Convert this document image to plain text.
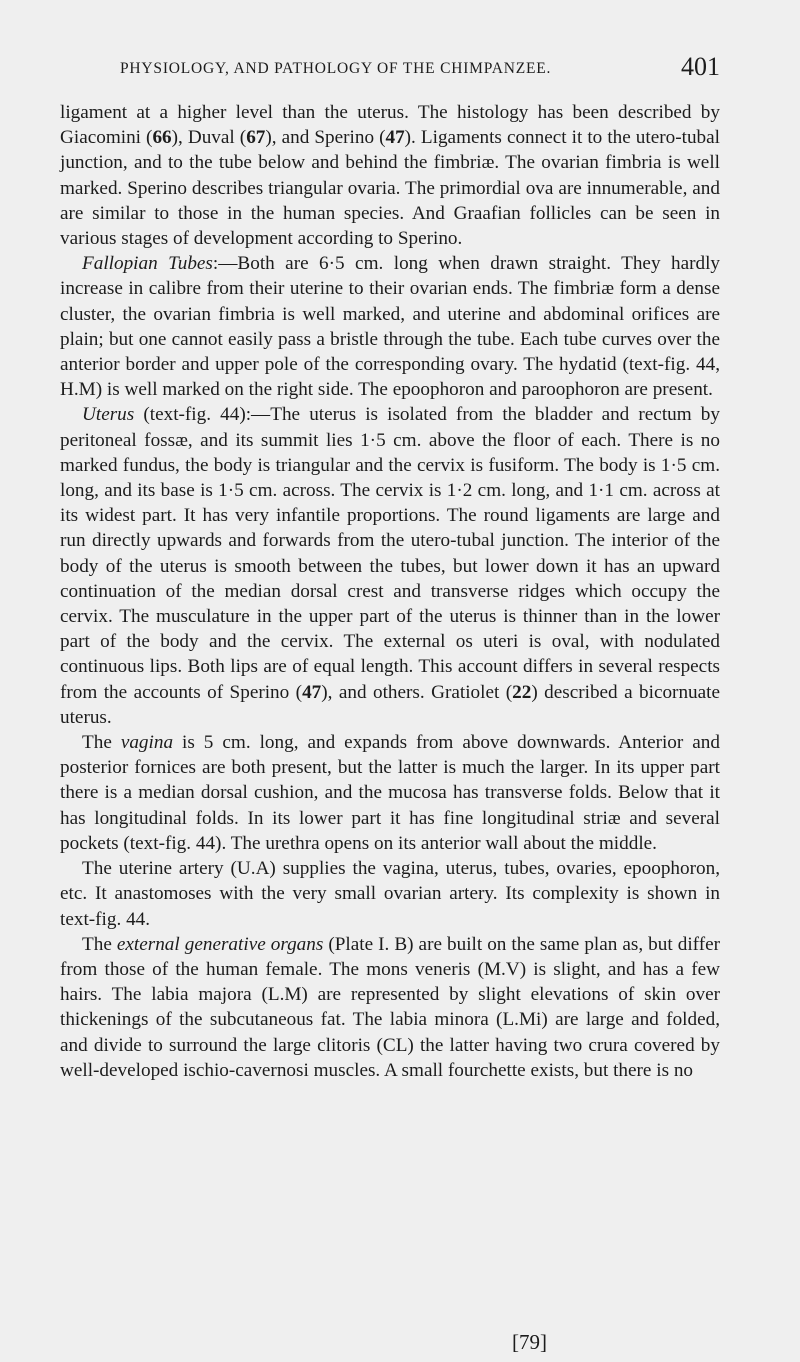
PHYSIOLOGY, AND PATHOLOGY OF THE CHIMPANZEE.	401

ligament at a higher level than the uterus. The histology has been described by Giacomini (66), Duval (67), and Sperino (47). Ligaments connect it to the utero-tubal junction, and to the tube below and behind the fimbriæ. The ovarian fimbria is well marked. Sperino describes triangular ovaria. The primordial ova are innumerable, and are similar to those in the human species. And Graafian follicles can be seen in various stages of development according to Sperino.

Fallopian Tubes:—Both are 6·5 cm. long when drawn straight. They hardly increase in calibre from their uterine to their ovarian ends. The fimbriæ form a dense cluster, the ovarian fimbria is well marked, and uterine and abdominal orifices are plain; but one cannot easily pass a bristle through the tube. Each tube curves over the anterior border and upper pole of the corresponding ovary. The hydatid (text-fig. 44, H.M) is well marked on the right side. The epoophoron and paroophoron are present.

Uterus (text-fig. 44):—The uterus is isolated from the bladder and rectum by peritoneal fossæ, and its summit lies 1·5 cm. above the floor of each. There is no marked fundus, the body is triangular and the cervix is fusiform. The body is 1·5 cm. long, and its base is 1·5 cm. across. The cervix is 1·2 cm. long, and 1·1 cm. across at its widest part. It has very infantile proportions. The round ligaments are large and run directly upwards and forwards from the utero-tubal junction. The interior of the body of the uterus is smooth between the tubes, but lower down it has an upward continuation of the median dorsal crest and transverse ridges which occupy the cervix. The musculature in the upper part of the uterus is thinner than in the lower part of the body and the cervix. The external os uteri is oval, with nodulated continuous lips. Both lips are of equal length. This account differs in several respects from the accounts of Sperino (47), and others. Gratiolet (22) described a bicornuate uterus.

The vagina is 5 cm. long, and expands from above downwards. Anterior and posterior fornices are both present, but the latter is much the larger. In its upper part there is a median dorsal cushion, and the mucosa has transverse folds. Below that it has longitudinal folds. In its lower part it has fine longitudinal striæ and several pockets (text-fig. 44). The urethra opens on its anterior wall about the middle.

The uterine artery (U.A) supplies the vagina, uterus, tubes, ovaries, epoophoron, etc. It anastomoses with the very small ovarian artery. Its complexity is shown in text-fig. 44.

The external generative organs (Plate I. B) are built on the same plan as, but differ from those of the human female. The mons veneris (M.V) is slight, and has a few hairs. The labia majora (L.M) are represented by slight elevations of skin over thickenings of the subcutaneous fat. The labia minora (L.Mi) are large and folded, and divide to surround the large clitoris (CL) the latter having two crura covered by well-developed ischio-cavernosi muscles. A small fourchette exists, but there is no

[79]
